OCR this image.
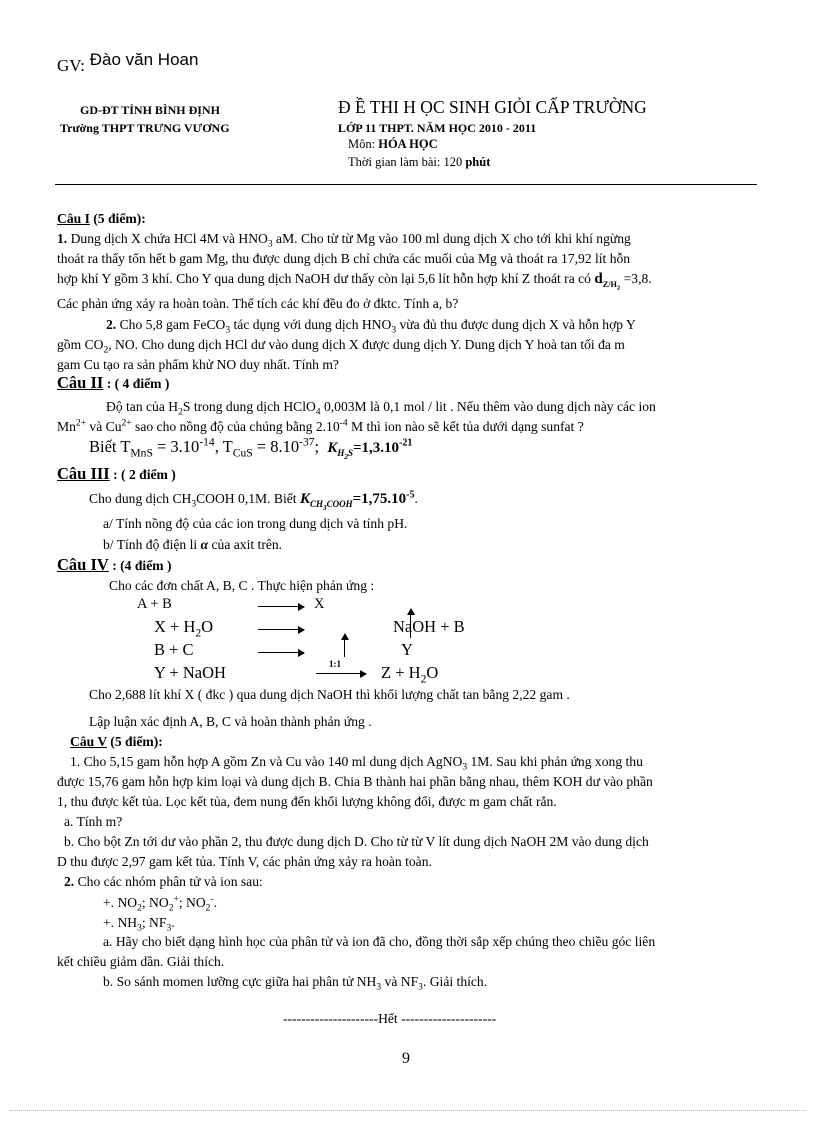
GV: Đào văn Hoan
GD-ĐT TỈNH BÌNH ĐỊNH
Trường THPT TRƯNG VƯƠNG
Đ Ề THI H ỌC SINH GIỎI CẤP TRƯỜNG
LỚP 11 THPT. NĂM HỌC 2010 - 2011
Môn: HÓA HỌC
Thời gian làm bài: 120 phút
Câu I (5 điểm):
1. Dung dịch X chứa HCl 4M và $HNO_3$ aM. Cho từ từ Mg vào 100 ml dung dịch X cho tới khi khí ngừng
thoát ra thấy tốn hết b gam Mg, thu được dung dịch B chỉ chứa các muối của Mg và thoát ra 17,92 lít hỗn
hợp khí Y gồm 3 khí. Cho Y qua dung dịch NaOH dư thấy còn lại 5,6 lít hỗn hợp khí Z thoát ra có $d_{Z/H_2} =3,8$.
Các phản ứng xảy ra hoàn toàn. Thể tích các khí đều đo ở đktc. Tính a, b?
2. Cho 5,8 gam FeCO$_3$ tác dụng với dung dịch $HNO_3$ vừa đủ thu được dung dịch X và hỗn hợp Y
gồm $CO_2$, NO. Cho dung dịch HCl dư vào dung dịch X được dung dịch Y. Dung dịch Y hoà tan tối đa m
gam Cu tạo ra sản phẩm khử NO duy nhất. Tính m?
Câu II : ( 4 điểm )
Độ tan của $H_2S$ trong dung dịch HClO$_4$ 0,003M là 0,1 mol / lit . Nếu thêm vào dung dịch này các ion
$Mn^{2+}$ và $Cu^{2+}$ sao cho nồng độ của chúng bằng $2.10^{-4}$ M thì ion nào sẽ kết tủa dưới dạng sunfat ?
Biết $T_{MnS} = 3.10^{-14}$, $T_{CuS} = 8.10^{-37}$; $K_{H_2S}=1,3.10^{-21}$
Câu III : ( 2 điểm )
Cho dung dịch $CH_3COOH$ 0,1M. Biết $K_{CH_3COOH}=1,75.10^{-5}$.
a/ Tính nồng độ của các ion trong dung dịch và tính pH.
b/ Tính độ điện li α của axit trên.
Câu IV : (4 điểm )
Cho các đơn chất A, B, C . Thực hiện phản ứng :
A + B	X
$X + H_2O$	NaOH + B
B + C	Y
Y + NaOH	1:1 $Z + H_2O$
Cho 2,688 lít khí X ( đkc ) qua dung dịch NaOH thì khối lượng chất tan bằng 2,22 gam .
Lập luận xác định A, B, C và hoàn thành phản ứng .
Câu V (5 điểm):
1. Cho 5,15 gam hỗn hợp A gồm Zn và Cu vào 140 ml dung dịch AgNO$_3$ 1M. Sau khi phản ứng xong thu
được 15,76 gam hỗn hợp kim loại và dung dịch B. Chia B thành hai phần bằng nhau, thêm KOH dư vào phần
1, thu được kết tủa. Lọc kết tủa, đem nung đến khối lượng không đổi, được m gam chất rắn.
a. Tính m?
b. Cho bột Zn tới dư vào phần 2, thu được dung dịch D. Cho từ từ V lít dung dịch NaOH 2M vào dung dịch
D thu được 2,97 gam kết tủa. Tính V, các phản ứng xảy ra hoàn toàn.
2. Cho các nhóm phân tử và ion sau:
+. $NO_2$; $NO_2^+$; $NO_2^-$.
+. $NH_3$; $NF_3$.
a. Hãy cho biết dạng hình học của phân tử và ion đã cho, đồng thời sắp xếp chúng theo chiều góc liên
kết chiều giảm dần. Giải thích.
b. So sánh momen lưỡng cực giữa hai phân tử $NH_3$ và $NF_3$. Giải thích.
---------------------Hết ---------------------
9
